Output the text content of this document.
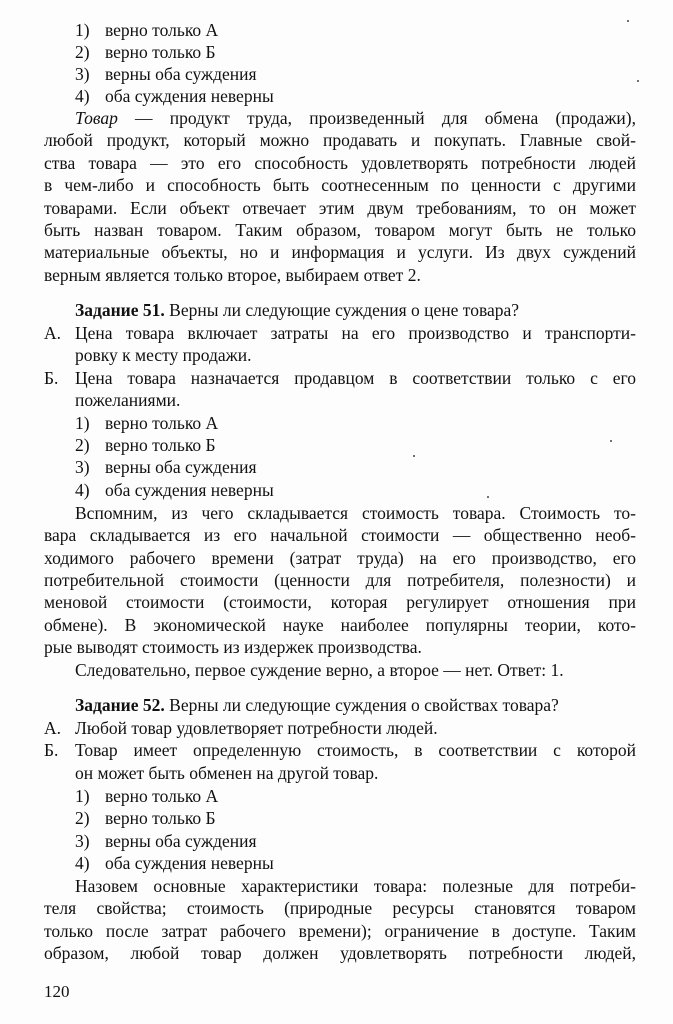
1) верно только А
2) верно только Б
3) верны оба суждения
4) оба суждения неверны
Товар — продукт труда, произведенный для обмена (продажи),
любой продукт, который можно продавать и покупать. Главные свой-
ства товара — это его способность удовлетворять потребности людей
в чем-либо и способность быть соотнесенным по ценности с другими
товарами. Если объект отвечает этим двум требованиям, то он может
быть назван товаром. Таким образом, товаром могут быть не только
материальные объекты, но и информация и услуги. Из двух суждений
верным является только второе, выбираем ответ 2.
Задание 51. Верны ли следующие суждения о цене товара?
А. Цена товара включает затраты на его производство и транспорти-
ровку к месту продажи.
Б. Цена товара назначается продавцом в соответствии только с его
пожеланиями.
1) верно только А
2) верно только Б
3) верны оба суждения
4) оба суждения неверны
Вспомним, из чего складывается стоимость товара. Стоимость то-
вара складывается из его начальной стоимости — общественно необ-
ходимого рабочего времени (затрат труда) на его производство, его
потребительной стоимости (ценности для потребителя, полезности) и
меновой стоимости (стоимости, которая регулирует отношения при
обмене). В экономической науке наиболее популярны теории, кото-
рые выводят стоимость из издержек производства.
Следовательно, первое суждение верно, а второе — нет. Ответ: 1.
Задание 52. Верны ли следующие суждения о свойствах товара?
А. Любой товар удовлетворяет потребности людей.
Б. Товар имеет определенную стоимость, в соответствии с которой
он может быть обменен на другой товар.
1) верно только А
2) верно только Б
3) верны оба суждения
4) оба суждения неверны
Назовем основные характеристики товара: полезные для потреби-
теля свойства; стоимость (природные ресурсы становятся товаром
только после затрат рабочего времени); ограничение в доступе. Таким
образом, любой товар должен удовлетворять потребности людей,
120
